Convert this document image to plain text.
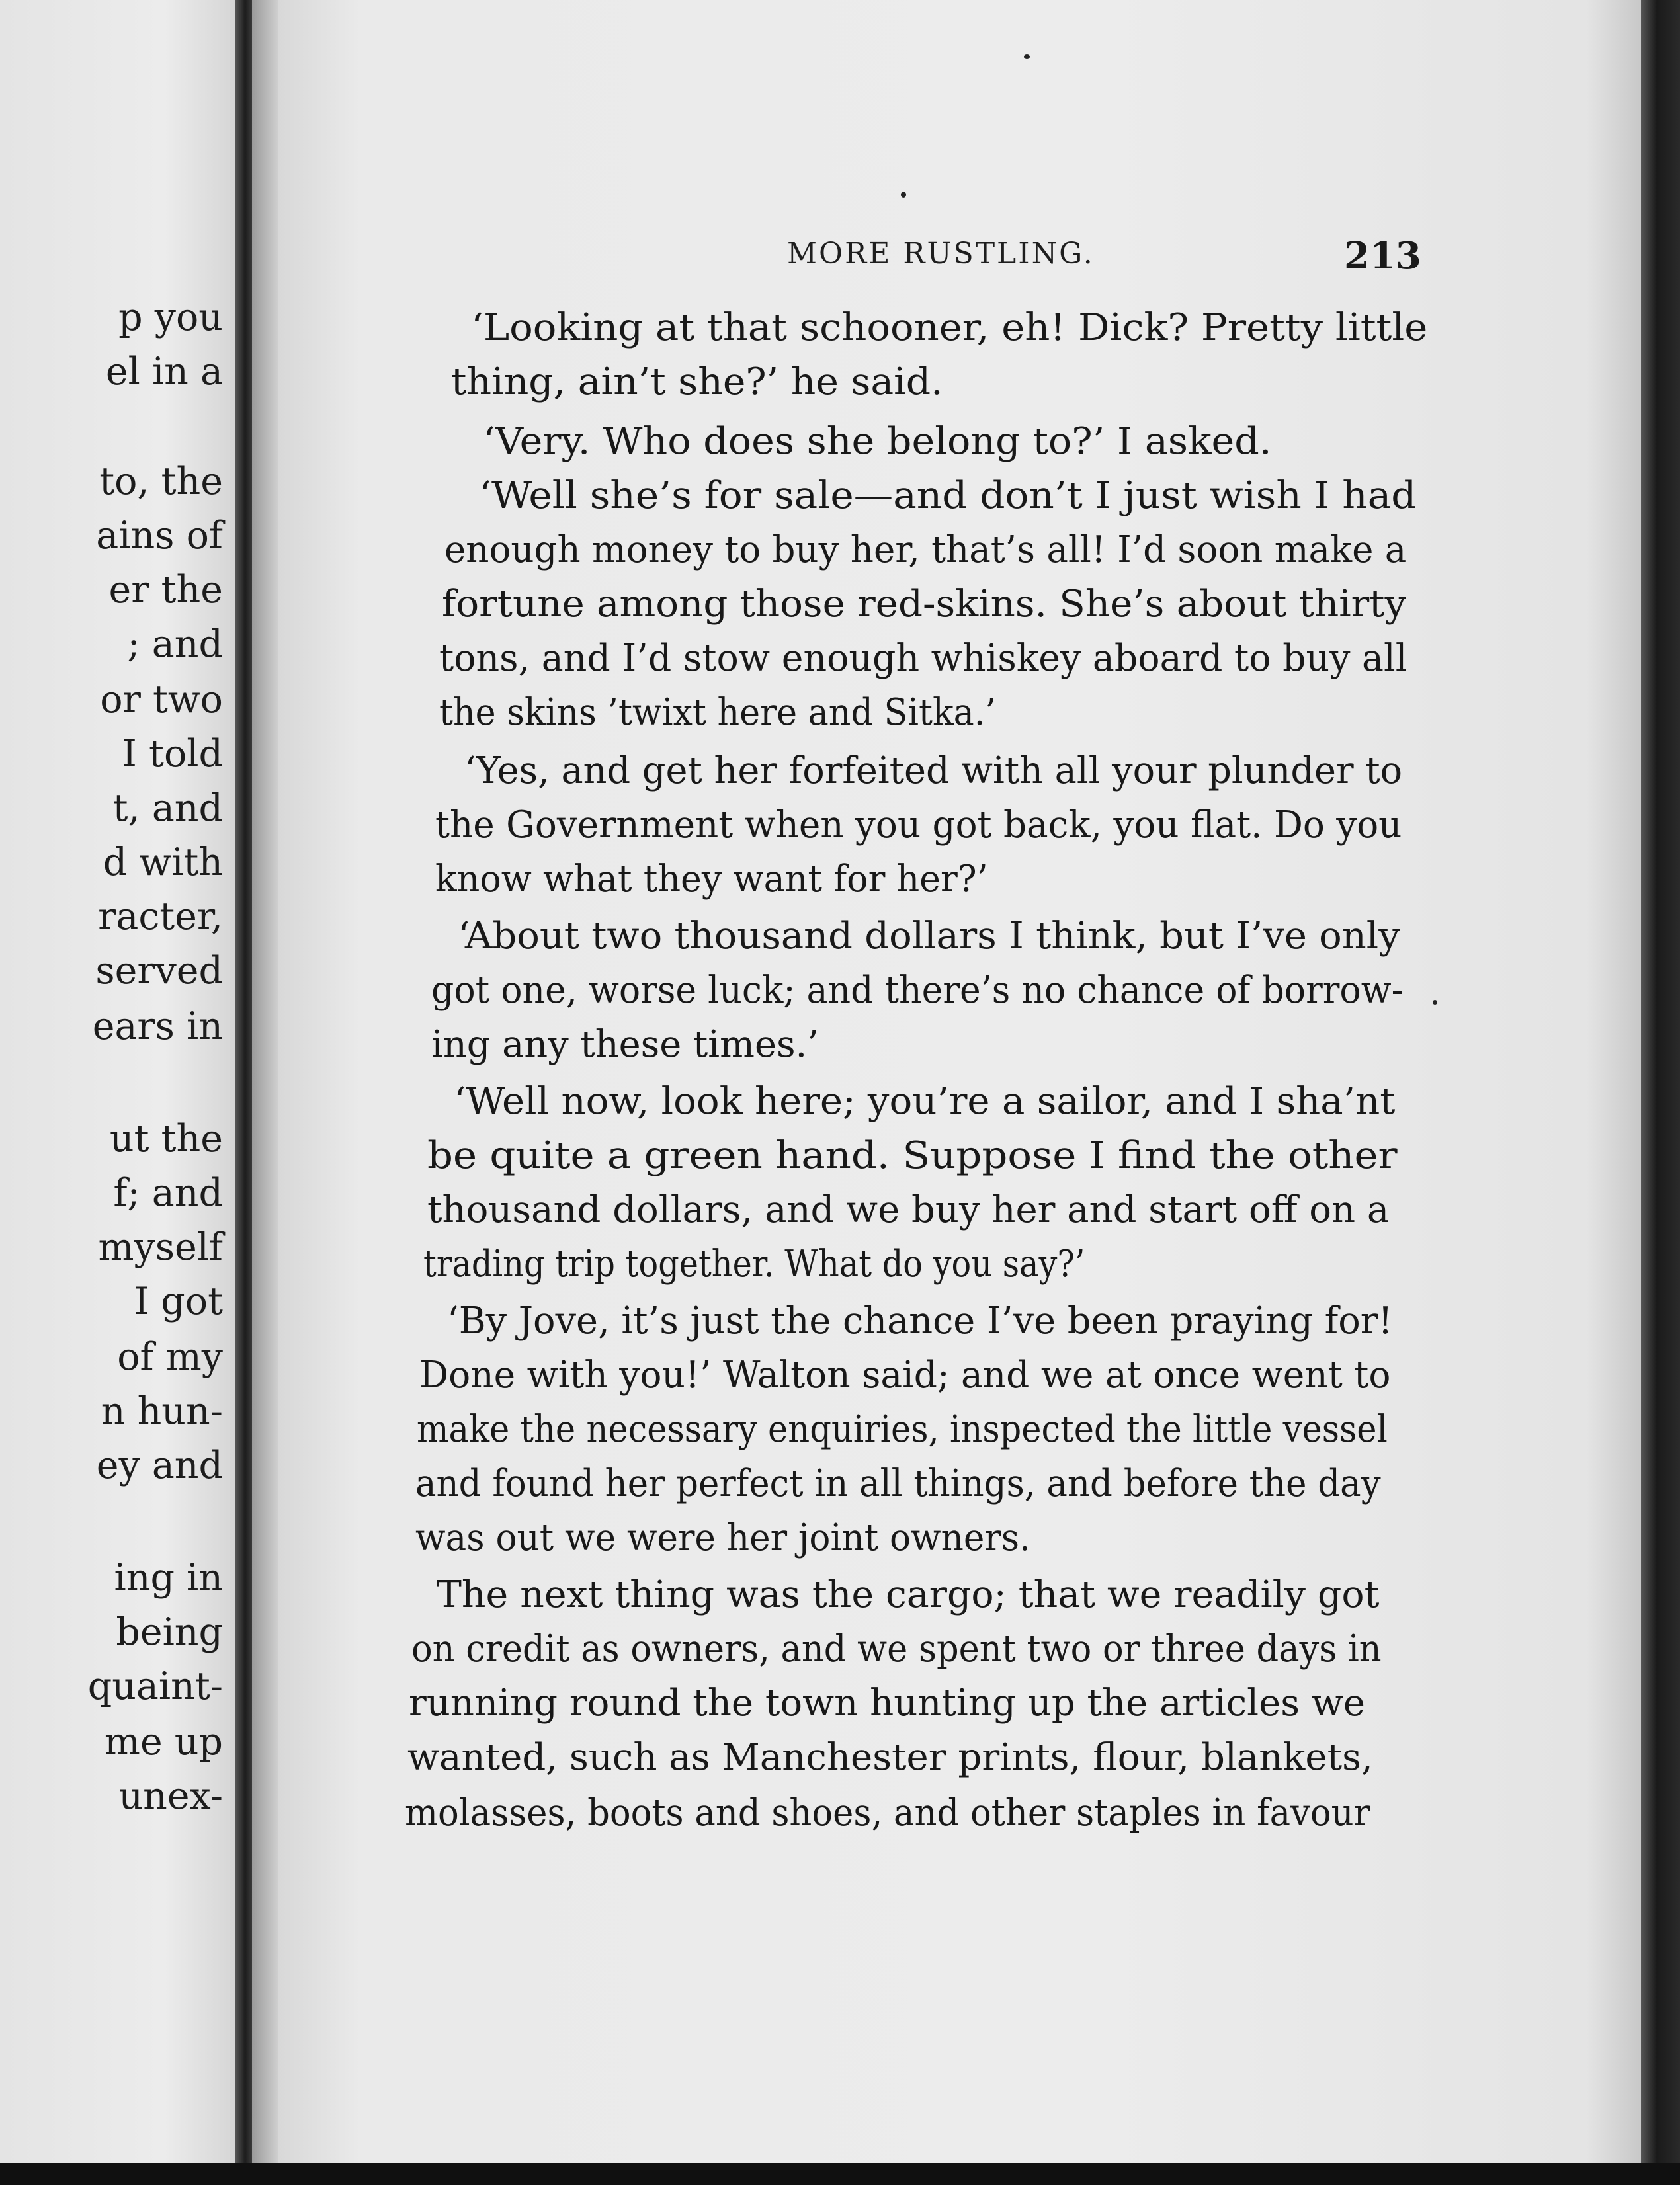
p you
el in a
to, the
ains of
er the
; and
or two
I told
t, and
d with
racter,
served
ears in
ut the
f; and
myself
I got
of my
n hun-
ey and
ing in
being
quaint-
me up
unex-
MORE RUSTLING.	213
‘Looking at that schooner, eh! Dick? Pretty little
thing, ain’t she?’ he said.
‘Very. Who does she belong to?’ I asked.
‘Well she’s for sale—and don’t I just wish I had
enough money to buy her, that’s all! I’d soon make a
fortune among those red-skins. She’s about thirty
tons, and I’d stow enough whiskey aboard to buy all
the skins ’twixt here and Sitka.’
‘Yes, and get her forfeited with all your plunder to
the Government when you got back, you flat. Do you
know what they want for her?’
‘About two thousand dollars I think, but I’ve only
got one, worse luck; and there’s no chance of borrow-
ing any these times.’
‘Well now, look here; you’re a sailor, and I sha’nt
be quite a green hand. Suppose I find the other
thousand dollars, and we buy her and start off on a
trading trip together. What do you say?’
‘By Jove, it’s just the chance I’ve been praying for!
Done with you!’ Walton said; and we at once went to
make the necessary enquiries, inspected the little vessel
and found her perfect in all things, and before the day
was out we were her joint owners.
The next thing was the cargo; that we readily got
on credit as owners, and we spent two or three days in
running round the town hunting up the articles we
wanted, such as Manchester prints, flour, blankets,
molasses, boots and shoes, and other staples in favour
